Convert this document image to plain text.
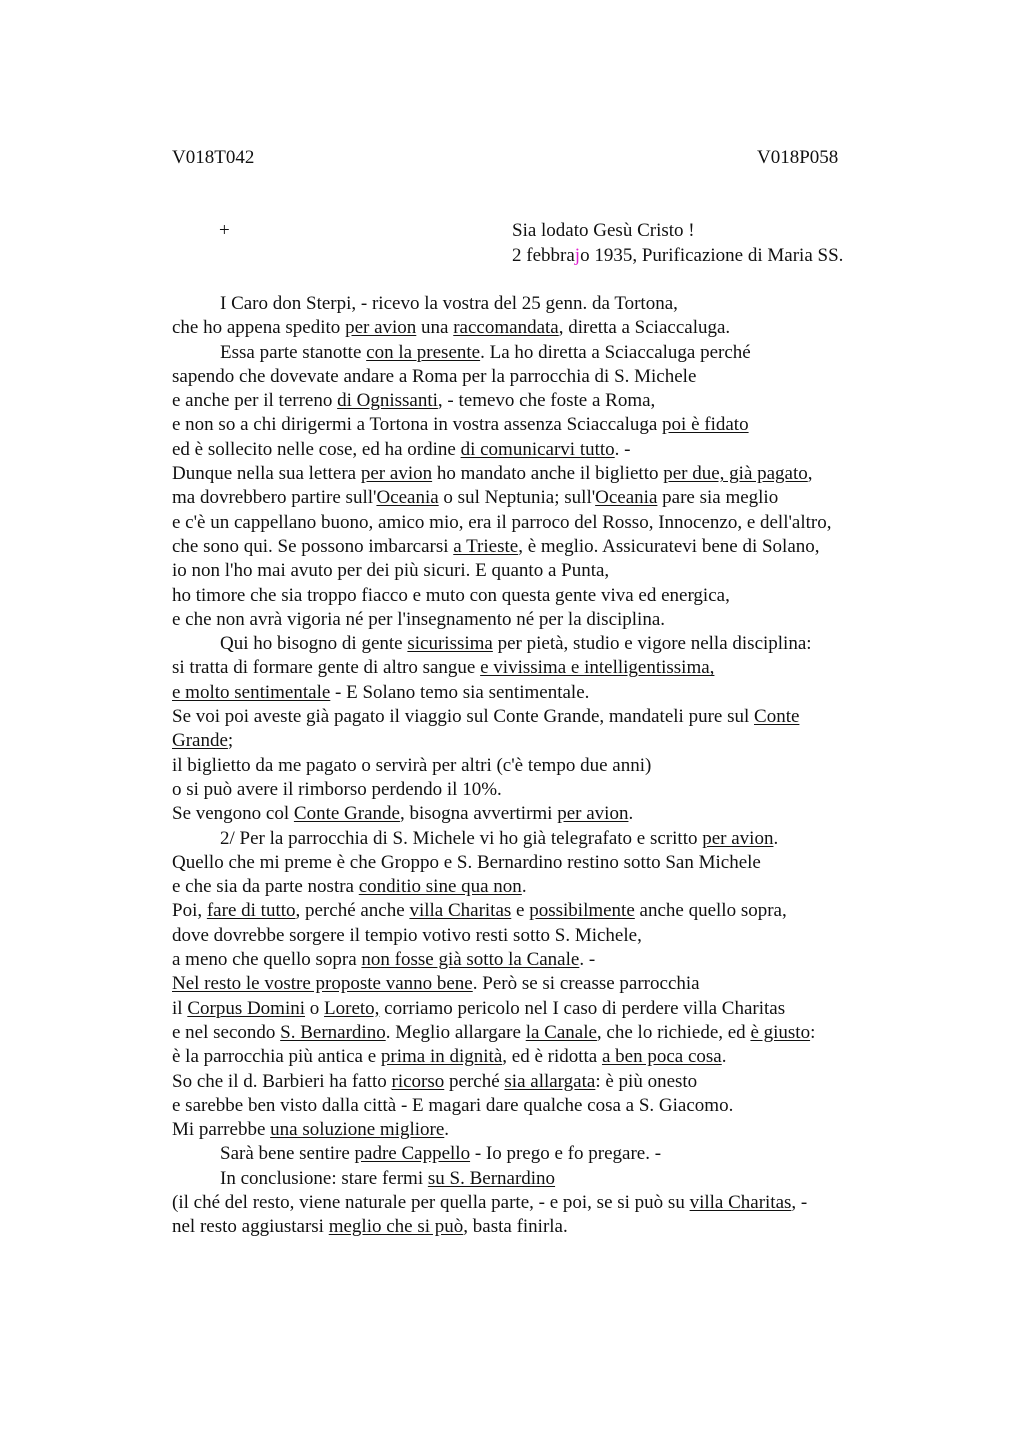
V018T042	V018P058
+	Sia lodato Gesù Cristo !
2 febbrajo 1935, Purificazione di Maria SS.
I Caro don Sterpi, - ricevo la vostra del 25 genn. da Tortona,
che ho appena spedito per avion una raccomandata, diretta a Sciaccaluga.
Essa parte stanotte con la presente. La ho diretta a Sciaccaluga perché
sapendo che dovevate andare a Roma per la parrocchia di S. Michele
e anche per il terreno di Ognissanti, - temevo che foste a Roma,
e non so a chi dirigermi a Tortona in vostra assenza Sciaccaluga poi è fidato
ed è sollecito nelle cose, ed ha ordine di comunicarvi tutto. -
Dunque nella sua lettera per avion ho mandato anche il biglietto per due, già pagato,
ma dovrebbero partire sull'Oceania o sul Neptunia; sull'Oceania pare sia meglio
e c'è un cappellano buono, amico mio, era il parroco del Rosso, Innocenzo, e dell'altro,
che sono qui. Se possono imbarcarsi a Trieste, è meglio. Assicuratevi bene di Solano,
io non l'ho mai avuto per dei più sicuri. E quanto a Punta,
ho timore che sia troppo fiacco e muto con questa gente viva ed energica,
e che non avrà vigoria né per l'insegnamento né per la disciplina.
Qui ho bisogno di gente sicurissima per pietà, studio e vigore nella disciplina:
si tratta di formare gente di altro sangue e vivissima e intelligentissima,
e molto sentimentale - E Solano temo sia sentimentale.
Se voi poi aveste già pagato il viaggio sul Conte Grande, mandateli pure sul Conte
Grande;
il biglietto da me pagato o servirà per altri (c'è tempo due anni)
o si può avere il rimborso perdendo il 10%.
Se vengono col Conte Grande, bisogna avvertirmi per avion.
2/ Per la parrocchia di S. Michele vi ho già telegrafato e scritto per avion.
Quello che mi preme è che Groppo e S. Bernardino restino sotto San Michele
e che sia da parte nostra conditio sine qua non.
Poi, fare di tutto, perché anche villa Charitas e possibilmente anche quello sopra,
dove dovrebbe sorgere il tempio votivo resti sotto S. Michele,
a meno che quello sopra non fosse già sotto la Canale. -
Nel resto le vostre proposte vanno bene. Però se si creasse parrocchia
il Corpus Domini o Loreto, corriamo pericolo nel I caso di perdere villa Charitas
e nel secondo S. Bernardino. Meglio allargare la Canale, che lo richiede, ed è giusto:
è la parrocchia più antica e prima in dignità, ed è ridotta a ben poca cosa.
So che il d. Barbieri ha fatto ricorso perché sia allargata: è più onesto
e sarebbe ben visto dalla città - E magari dare qualche cosa a S. Giacomo.
Mi parrebbe una soluzione migliore.
Sarà bene sentire padre Cappello - Io prego e fo pregare. -
In conclusione: stare fermi su S. Bernardino
(il ché del resto, viene naturale per quella parte, - e poi, se si può su villa Charitas, -
nel resto aggiustarsi meglio che si può, basta finirla.
